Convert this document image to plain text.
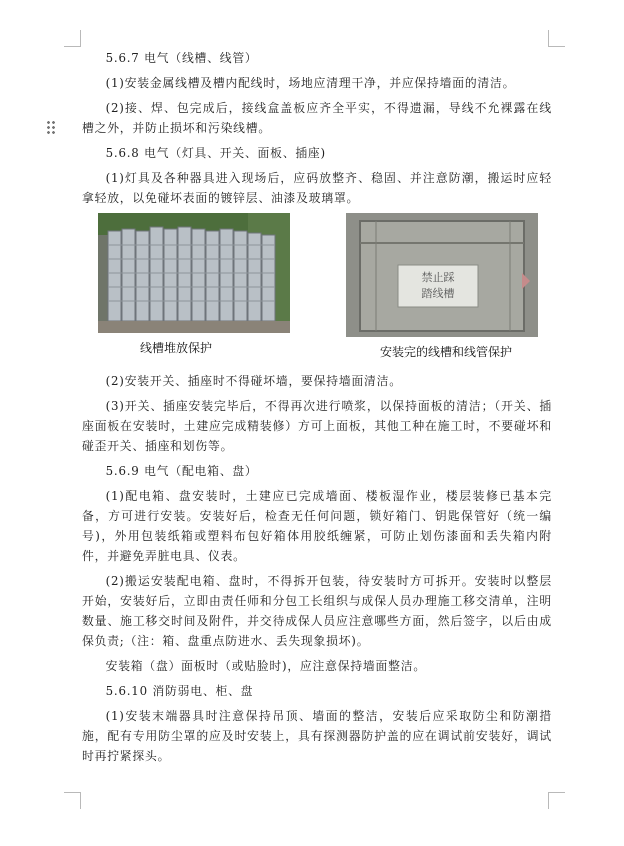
5.6.7 电气（线槽、线管）
(1)安装金属线槽及槽内配线时，场地应清理干净，并应保持墙面的清洁。
(2)接、焊、包完成后，接线盒盖板应齐全平实，不得遗漏，导线不允裸露在线槽之外，并防止损坏和污染线槽。
5.6.8 电气（灯具、开关、面板、插座)
(1)灯具及各种器具进入现场后，应码放整齐、稳固、并注意防潮，搬运时应轻拿轻放，以免碰坏表面的镀锌层、油漆及玻璃罩。
线槽堆放保护
禁止踩
踏线槽
安装完的线槽和线管保护
(2)安装开关、插座时不得碰坏墙，要保持墙面清洁。
(3)开关、插座安装完毕后，不得再次进行喷浆，以保持面板的清洁；（开关、插座面板在安装时，土建应完成精装修）方可上面板，其他工种在施工时，不要碰坏和碰歪开关、插座和划伤等。
5.6.9 电气（配电箱、盘）
(1)配电箱、盘安装时，土建应已完成墙面、楼板湿作业，楼层装修已基本完备，方可进行安装。安装好后，检查无任何问题，锁好箱门、钥匙保管好（统一编号)，外用包装纸箱或塑料布包好箱体用胶纸缠紧，可防止划伤漆面和丢失箱内附件，并避免弄脏电具、仪表。
(2)搬运安装配电箱、盘时，不得拆开包装，待安装时方可拆开。安装时以整层开始，安装好后，立即由责任师和分包工长组织与成保人员办理施工移交清单，注明数量、施工移交时间及附件，并交待成保人员应注意哪些方面，然后签字，以后由成保负责;（注：箱、盘重点防进水、丢失现象损坏)。
安装箱（盘）面板时（或贴脸时)，应注意保持墙面整洁。
5.6.10 消防弱电、柜、盘
(1)安装末端器具时注意保持吊顶、墙面的整洁，安装后应采取防尘和防潮措施，配有专用防尘罩的应及时安装上，具有探测器防护盖的应在调试前安装好，调试时再拧紧探头。
